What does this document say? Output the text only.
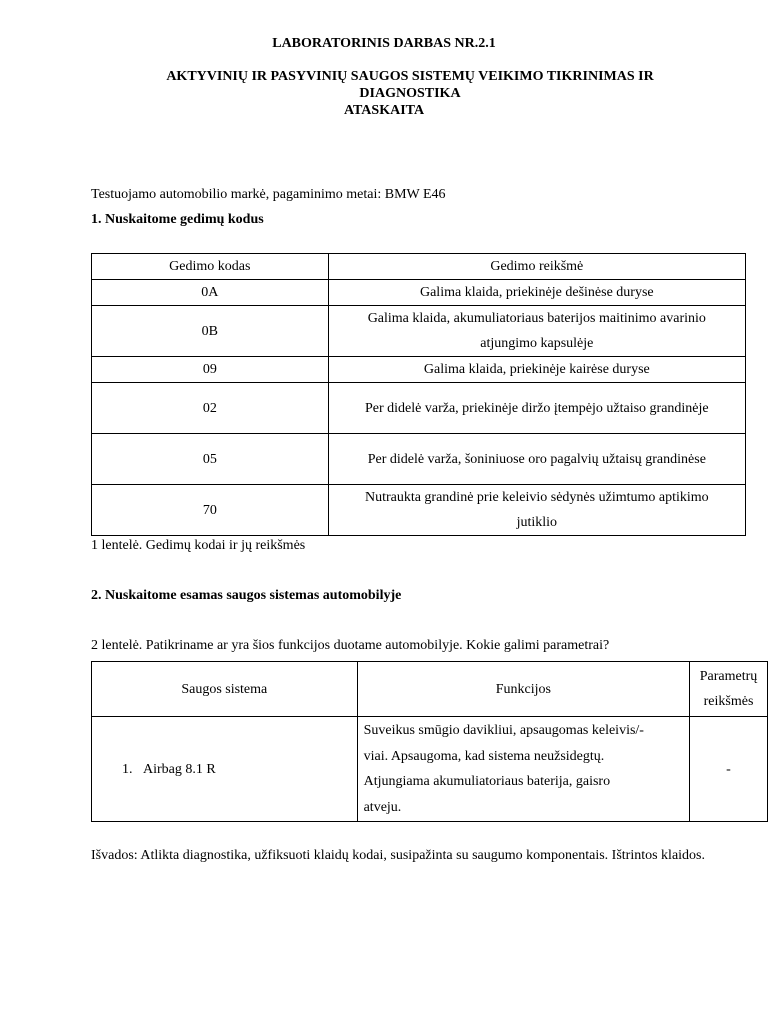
LABORATORINIS DARBAS NR.2.1
AKTYVINIŲ IR PASYVINIŲ SAUGOS SISTEMŲ VEIKIMO TIKRINIMAS IR
DIAGNOSTIKA
ATASKAITA
Testuojamo automobilio markė, pagaminimo metai: BMW E46
1. Nuskaitome gedimų kodus
Gedimo kodas	Gedimo reikšmė
0A	Galima klaida, priekinėje dešinėse duryse
0B	Galima klaida, akumuliatoriaus baterijos maitinimo avarinio
atjungimo kapsulėje

09	Galima klaida, priekinėje kairėse duryse
02	Per didelė varža, priekinėje diržo įtempėjo užtaiso grandinėje
05	Per didelė varža, šoniniuose oro pagalvių užtaisų grandinėse
70	Nutraukta grandinė prie keleivio sėdynės užimtumo aptikimo
jutiklio
1 lentelė. Gedimų kodai ir jų reikšmės
2. Nuskaitome esamas saugos sistemas automobilyje
2 lentelė. Patikriname ar yra šios funkcijos duotame automobilyje. Kokie galimi parametrai?
Saugos sistema	Funkcijos	Parametrų
reikšmės

1. Airbag 8.1 R	Suveikus smūgio davikliui, apsaugomas keleivis/-
viai. Apsaugoma, kad sistema neužsidegtų.
Atjungiama akumuliatoriaus baterija, gaisro
atveju.	-
Išvados: Atlikta diagnostika, užfiksuoti klaidų kodai, susipažinta su saugumo komponentais. Ištrintos klaidos.
